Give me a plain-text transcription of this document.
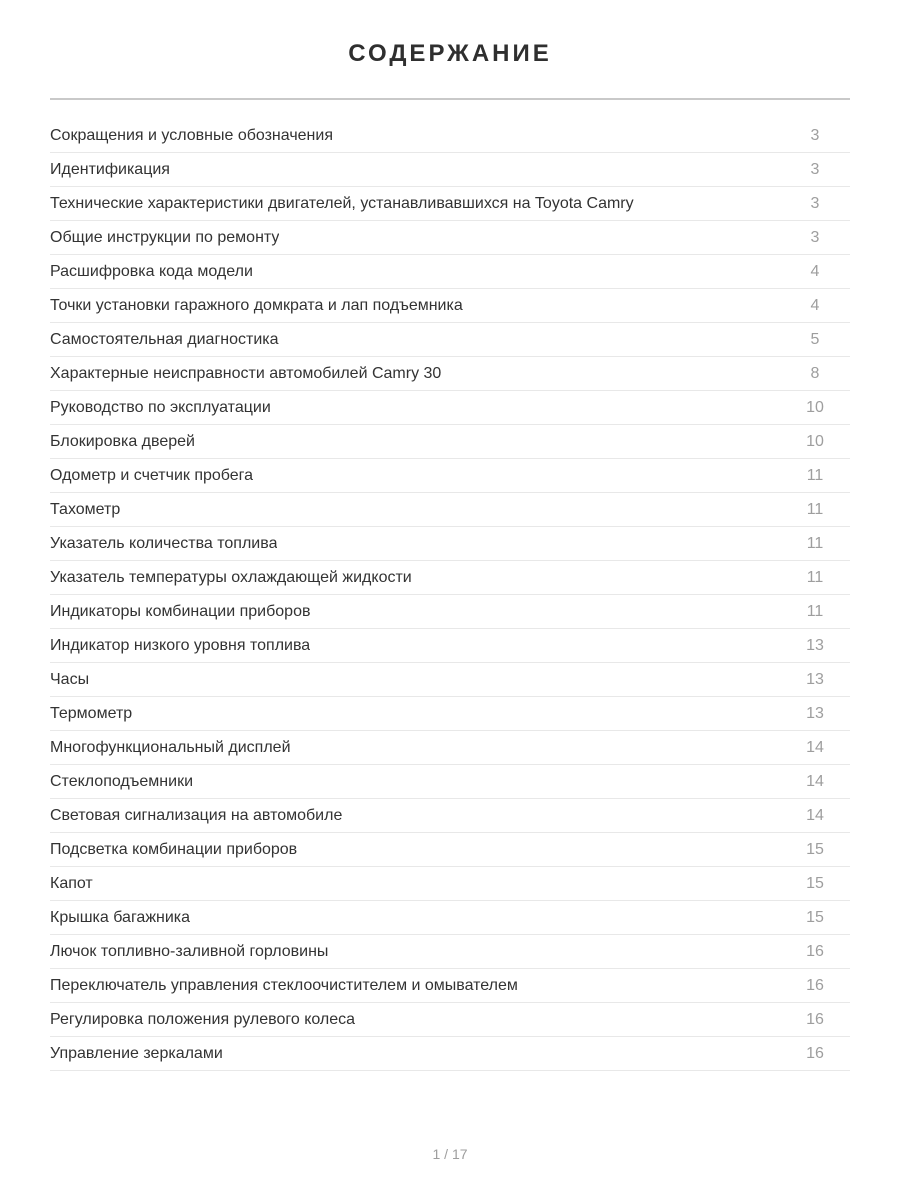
СОДЕРЖАНИЕ
Сокращения и условные обозначения	3
Идентификация	3
Технические характеристики двигателей, устанавливавшихся на Toyota Camry	3
Общие инструкции по ремонту	3
Расшифровка кода модели	4
Точки установки гаражного домкрата и лап подъемника	4
Самостоятельная диагностика	5
Характерные неисправности автомобилей Camry 30	8
Руководство по эксплуатации	10
Блокировка дверей	10
Одометр и счетчик пробега	11
Тахометр	11
Указатель количества топлива	11
Указатель температуры охлаждающей жидкости	11
Индикаторы комбинации приборов	11
Индикатор низкого уровня топлива	13
Часы	13
Термометр	13
Многофункциональный дисплей	14
Стеклоподъемники	14
Световая сигнализация на автомобиле	14
Подсветка комбинации приборов	15
Капот	15
Крышка багажника	15
Лючок топливно-заливной горловины	16
Переключатель управления стеклоочистителем и омывателем	16
Регулировка положения рулевого колеса	16
Управление зеркалами	16
1 / 17
